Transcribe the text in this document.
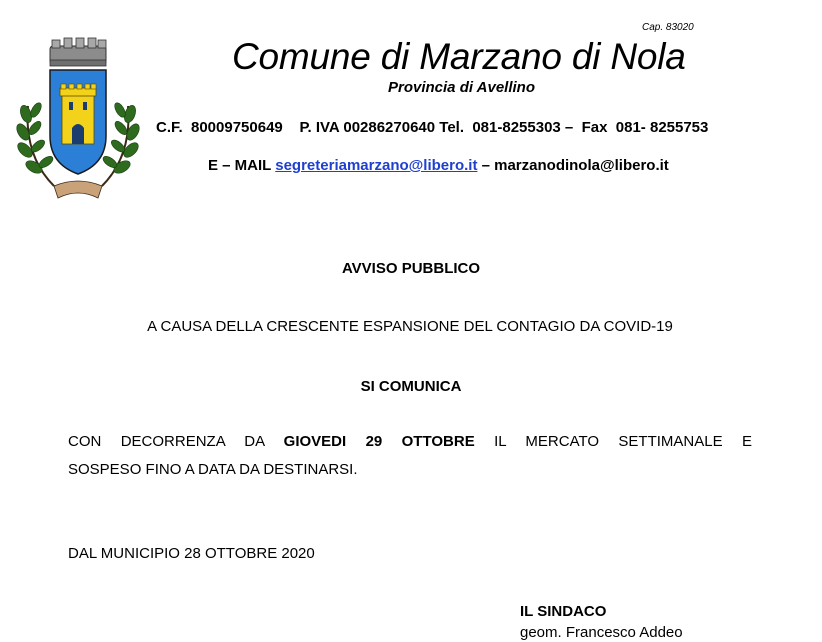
Cap. 83020
Comune di Marzano di Nola
Provincia di Avellino
C.F.  80009750649    P. IVA 00286270640 Tel.  081-8255303 –  Fax  081- 8255753
E – MAIL segreteriamarzano@libero.it – marzanodinola@libero.it
AVVISO PUBBLICO
A CAUSA DELLA CRESCENTE ESPANSIONE DEL CONTAGIO DA COVID-19
SI COMUNICA
CON DECORRENZA DA GIOVEDI 29 OTTOBRE IL MERCATO SETTIMANALE E
SOSPESO FINO A DATA DA DESTINARSI.
DAL MUNICIPIO 28 OTTOBRE 2020
IL SINDACO
geom. Francesco Addeo
